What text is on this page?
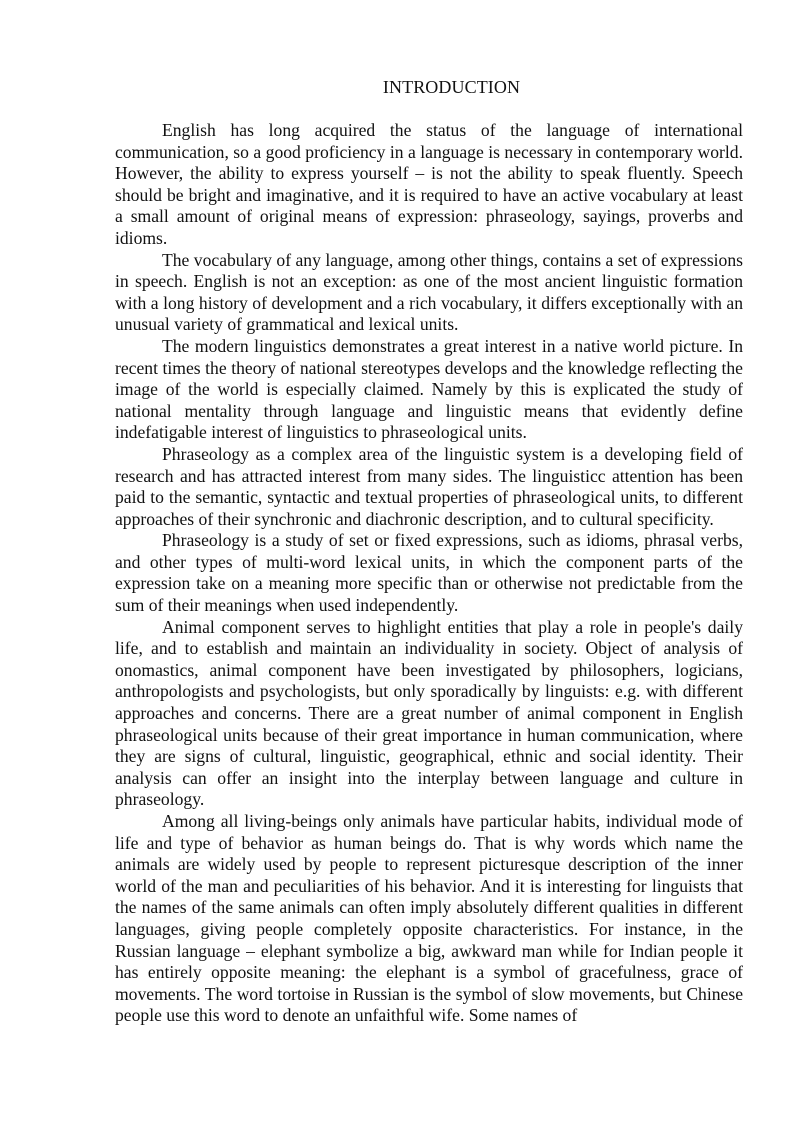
INTRODUCTION

English has long acquired the status of the language of international communication, so a good proficiency in a language is necessary in contemporary world. However, the ability to express yourself – is not the ability to speak fluently. Speech should be bright and imaginative, and it is required to have an active vocabulary at least a small amount of original means of expression: phraseology, sayings, proverbs and idioms.

The vocabulary of any language, among other things, contains a set of expressions in speech. English is not an exception: as one of the most ancient linguistic formation with a long history of development and a rich vocabulary, it differs exceptionally with an unusual variety of grammatical and lexical units.

The modern linguistics demonstrates a great interest in a native world picture. In recent times the theory of national stereotypes develops and the knowledge reflecting the image of the world is especially claimed. Namely by this is explicated the study of national mentality through language and linguistic means that evidently define indefatigable interest of linguistics to phraseological units.

Phraseology as a complex area of the linguistic system is a developing field of research and has attracted interest from many sides. The linguisticc attention has been paid to the semantic, syntactic and textual properties of phraseological units, to different approaches of their synchronic and diachronic description, and to cultural specificity.

Phraseology is a study of set or fixed expressions, such as idioms, phrasal verbs, and other types of multi-word lexical units, in which the component parts of the expression take on a meaning more specific than or otherwise not predictable from the sum of their meanings when used independently.

Animal component serves to highlight entities that play a role in people's daily life, and to establish and maintain an individuality in society. Object of analysis of onomastics, animal component have been investigated by philosophers, logicians, anthropologists and psychologists, but only sporadically by linguists: e.g. with different approaches and concerns. There are a great number of animal component in English phraseological units because of their great importance in human communication, where they are signs of cultural, linguistic, geographical, ethnic and social identity. Their analysis can offer an insight into the interplay between language and culture in phraseology.

Among all living-beings only animals have particular habits, individual mode of life and type of behavior as human beings do. That is why words which name the animals are widely used by people to represent picturesque description of the inner world of the man and peculiarities of his behavior. And it is interesting for linguists that the names of the same animals can often imply absolutely different qualities in different languages, giving people completely opposite characteristics. For instance, in the Russian language – elephant symbolize a big, awkward man while for Indian people it has entirely opposite meaning: the elephant is a symbol of gracefulness, grace of movements. The word tortoise in Russian is the symbol of slow movements, but Chinese people use this word to denote an unfaithful wife. Some names of
